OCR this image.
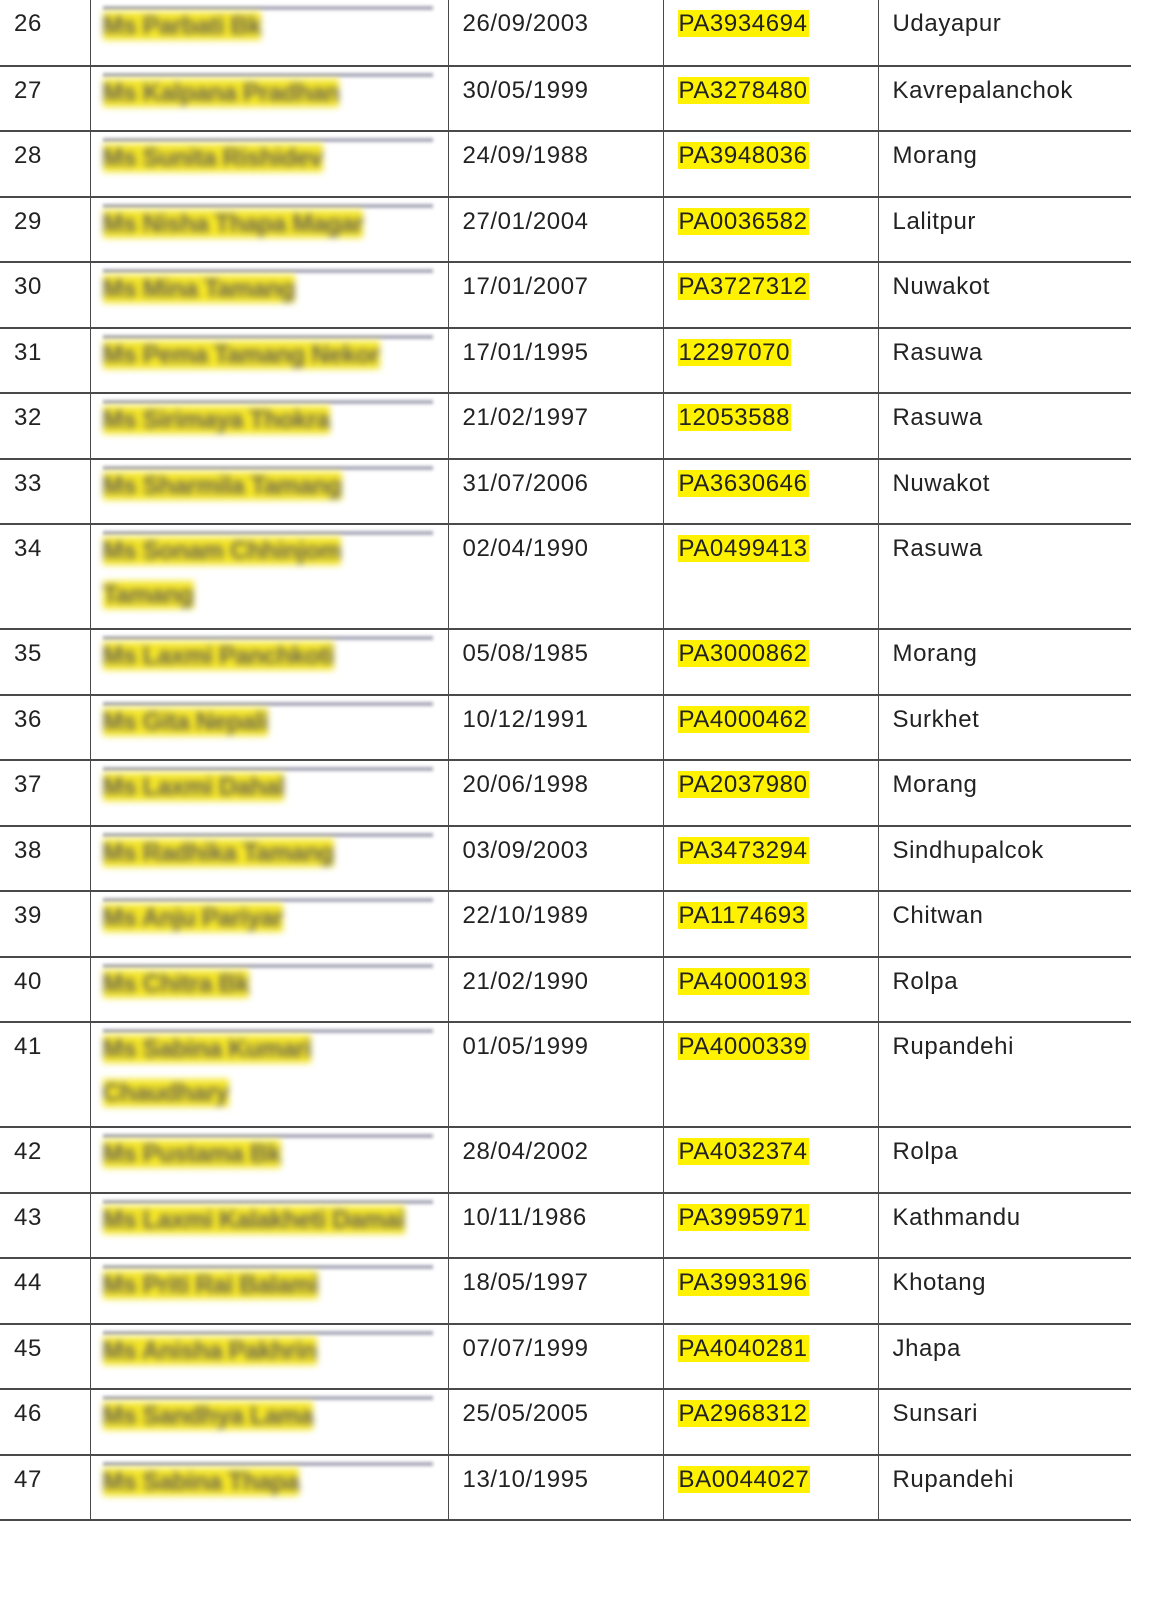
26	Ms Parbati Bk	26/09/2003	PA3934694	Udayapur
27	Ms Kalpana Pradhan	30/05/1999	PA3278480	Kavrepalanchok
28	Ms Sunita Rishidev	24/09/1988	PA3948036	Morang
29	Ms Nisha Thapa Magar	27/01/2004	PA0036582	Lalitpur
30	Ms Mina Tamang	17/01/2007	PA3727312	Nuwakot
31	Ms Pema Tamang Nekor	17/01/1995	12297070	Rasuwa
32	Ms Sirimaya Thokra	21/02/1997	12053588	Rasuwa
33	Ms Sharmila Tamang	31/07/2006	PA3630646	Nuwakot
34	Ms Sonam Chhinjom Tamang	02/04/1990	PA0499413	Rasuwa
35	Ms Laxmi Panchkoti	05/08/1985	PA3000862	Morang
36	Ms Gita Nepali	10/12/1991	PA4000462	Surkhet
37	Ms Laxmi Dahal	20/06/1998	PA2037980	Morang
38	Ms Radhika Tamang	03/09/2003	PA3473294	Sindhupalcok
39	Ms Anju Pariyar	22/10/1989	PA1174693	Chitwan
40	Ms Chitra Bk	21/02/1990	PA4000193	Rolpa
41	Ms Sabina Kumari Chaudhary	01/05/1999	PA4000339	Rupandehi
42	Ms Pustama Bk	28/04/2002	PA4032374	Rolpa
43	Ms Laxmi Kalakheti Damai	10/11/1986	PA3995971	Kathmandu
44	Ms Priti Rai Balami	18/05/1997	PA3993196	Khotang
45	Ms Anisha Pakhrin	07/07/1999	PA4040281	Jhapa
46	Ms Sandhya Lama	25/05/2005	PA2968312	Sunsari
47	Ms Sabina Thapa	13/10/1995	BA0044027	Rupandehi
